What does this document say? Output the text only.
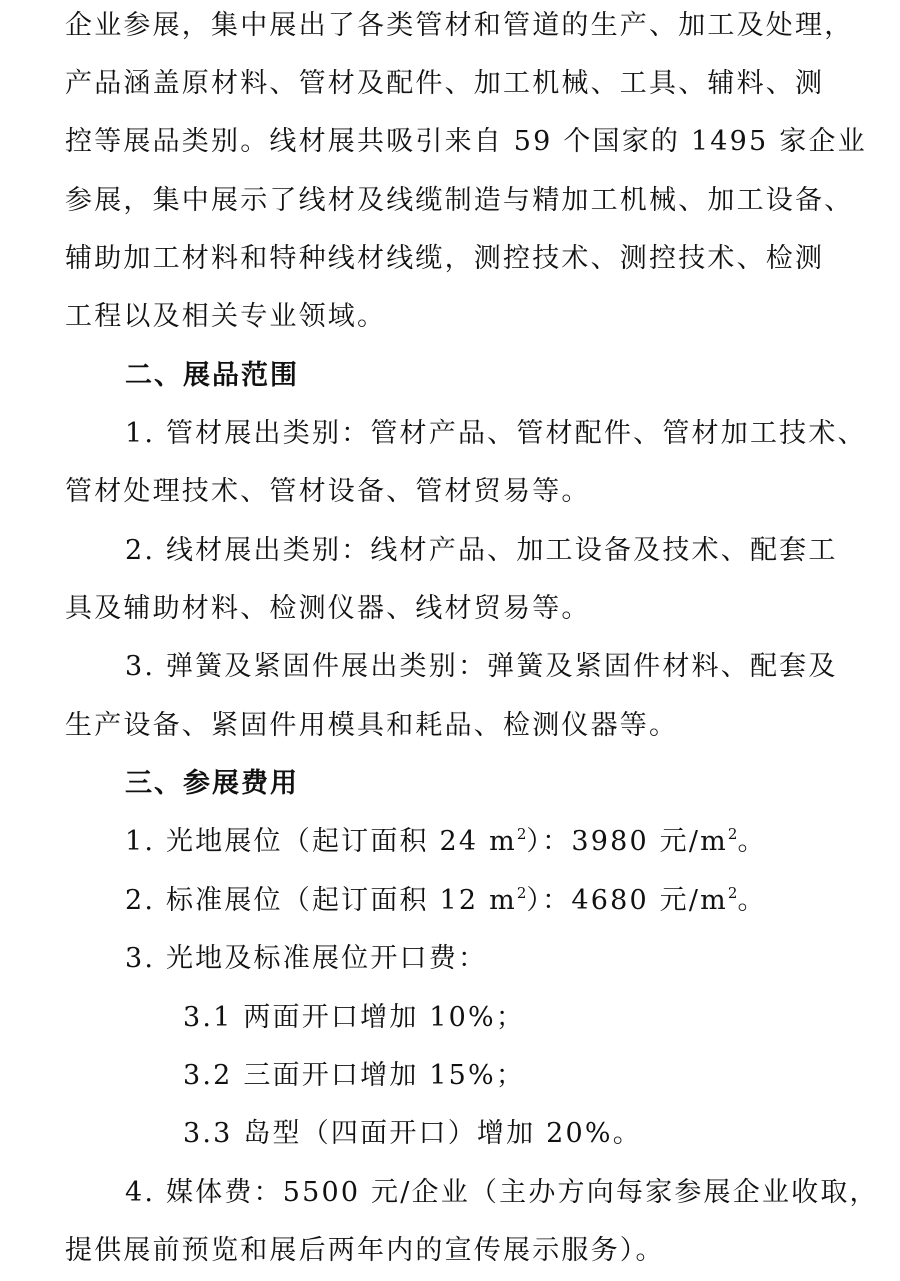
企业参展，集中展出了各类管材和管道的生产、加工及处理，
产品涵盖原材料、管材及配件、加工机械、工具、辅料、测
控等展品类别。线材展共吸引来自 59 个国家的 1495 家企业
参展，集中展示了线材及线缆制造与精加工机械、加工设备、
辅助加工材料和特种线材线缆，测控技术、测控技术、检测
工程以及相关专业领域。
二、展品范围
1. 管材展出类别：管材产品、管材配件、管材加工技术、
管材处理技术、管材设备、管材贸易等。
2. 线材展出类别：线材产品、加工设备及技术、配套工
具及辅助材料、检测仪器、线材贸易等。
3. 弹簧及紧固件展出类别：弹簧及紧固件材料、配套及
生产设备、紧固件用模具和耗品、检测仪器等。
三、参展费用
1. 光地展位（起订面积 24 $m^2$）：3980 元$/m^2$。
2. 标准展位（起订面积 12 $m^2$）：4680 元$/m^2$。
3. 光地及标准展位开口费：
3.1 两面开口增加 10%；
3.2 三面开口增加 15%；
3.3 岛型（四面开口）增加 20%。
4. 媒体费：5500 元/企业（主办方向每家参展企业收取，
提供展前预览和展后两年内的宣传展示服务）。
